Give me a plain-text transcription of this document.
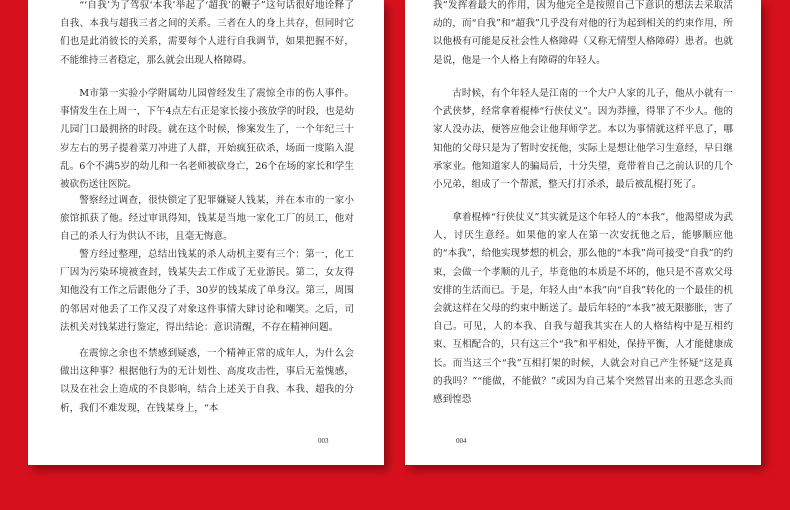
“‘自我’为了驾驭‘本我’举起了‘超我’的鞭子”这句话很好地诠释了自我、本我与超我三者之间的关系。三者在人的身上共存，但同时它们也是此消彼长的关系，需要每个人进行自我调节，如果把握不好，不能维持三者稳定，那么就会出现人格障碍。

M市第一实验小学附属幼儿园曾经发生了震惊全市的伤人事件。事情发生在上周一，下午4点左右正是家长接小孩放学的时段，也是幼儿园门口最拥挤的时段。就在这个时候，惨案发生了，一个年纪三十岁左右的男子提着菜刀冲进了人群，开始疯狂砍杀，场面一度陷入混乱。6个不满5岁的幼儿和一名老师被砍身亡，26个在场的家长和学生被砍伤送往医院。

警察经过调查，很快锁定了犯罪嫌疑人钱某，并在本市的一家小旅馆抓获了他。经过审讯得知，钱某是当地一家化工厂的员工，他对自己的杀人行为供认不讳，且毫无悔意。

警方经过整理，总结出钱某的杀人动机主要有三个：第一，化工厂因为污染环境被查封，钱某失去工作成了无业游民。第二，女友得知他没有工作之后跟他分了手，30岁的钱某成了单身汉。第三，周围的邻居对他丢了工作又没了对象这件事情大肆讨论和嘲笑。之后，司法机关对钱某进行鉴定，得出结论：意识清醒，不存在精神问题。

在震惊之余也不禁感到疑惑，一个精神正常的成年人，为什么会做出这种事？根据他行为的无计划性、高度攻击性，事后无羞愧感，以及在社会上造成的不良影响，结合上述关于自我、本我、超我的分析，我们不难发现，在钱某身上，“本

003

我”发挥着最大的作用，因为他完全是按照自己下意识的想法去采取活动的，而“自我”和“超我”几乎没有对他的行为起到相关的约束作用，所以他极有可能是反社会性人格障碍（又称无情型人格障碍）患者。也就是说，他是一个人格上有障碍的年轻人。

古时候，有个年轻人是江南的一个大户人家的儿子，他从小就有一个武侠梦，经常拿着棍棒“行侠仗义”。因为莽撞，得罪了不少人。他的家人没办法，便答应他会让他拜师学艺。本以为事情就这样平息了，哪知他的父母只是为了暂时安抚他，实际上是想让他学习生意经，早日继承家业。他知道家人的骗局后，十分失望，竟带着自己之前认识的几个小兄弟，组成了一个帮派，整天打打杀杀，最后被乱棍打死了。

拿着棍棒“行侠仗义”其实就是这个年轻人的“本我”，他渴望成为武人，讨厌生意经。如果他的家人在第一次安抚他之后，能够顺应他的“本我”，给他实现梦想的机会，那么他的“本我”尚可接受“自我”的约束，会做一个孝顺的儿子，毕竟他的本质是不坏的，他只是不喜欢父母安排的生活而已。于是，年轻人由“本我”向“自我”转化的一个最佳的机会就这样在父母的约束中断送了。最后年轻的“本我”被无限膨胀，害了自己。可见，人的本我、自我与超我其实在人的人格结构中是互相约束、互相配合的，只有这三个“我”和平相处，保持平衡，人才能健康成长。而当这三个“我”互相打架的时候，人就会对自己产生怀疑“这是真的我吗？”“能做，不能做？”或因为自己某个突然冒出来的丑恶念头而感到惶恐

004
